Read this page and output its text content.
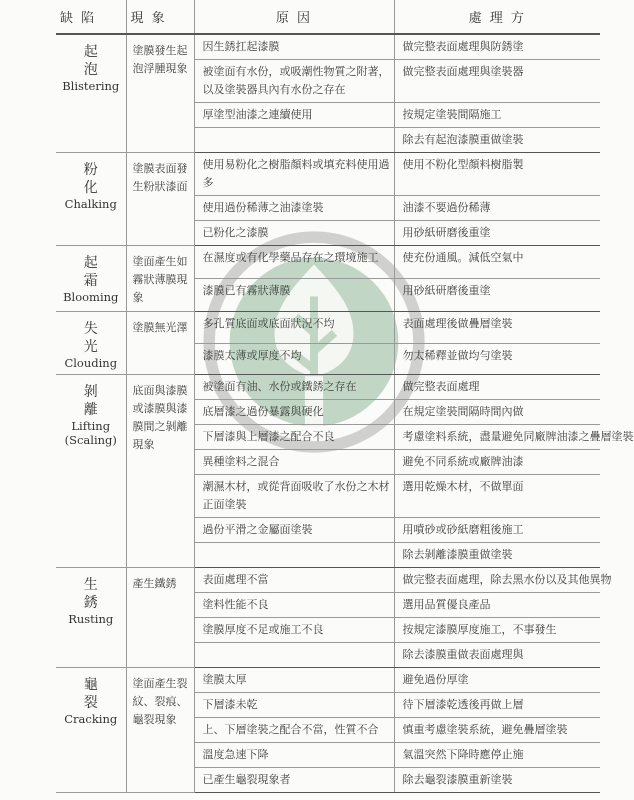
缺 陷	現 象	原 因	處 理 方

起 泡
Blistering	塗膜發生起泡浮腫現象	因生銹扛起漆膜	做完整表面處理與防銹塗
		被塗面有水份，或吸潮性物質之附著，以及塗裝器具內有水份之存在	做完整表面處理與塗裝器
		厚塗型油漆之連續使用	按規定塗裝間隔施工
			除去有起泡漆膜重做塗裝

粉 化
Chalking	塗膜表面發生粉狀漆面	使用易粉化之樹脂顏料或填充料使用過多	使用不粉化型顏料樹脂製
		使用過份稀薄之油漆塗裝	油漆不要過份稀薄
		已粉化之漆膜	用砂紙研磨後重塗

起 霜
Blooming	塗面產生如霧狀薄膜現象	在濕度或有化學藥品存在之環境施工	使充份通風。減低空氣中
		漆膜已有霧狀薄膜	用砂紙研磨後重塗

失 光
Clouding	塗膜無光澤	多孔質底面或底面狀況不均	表面處理後做疊層塗裝
		漆膜太薄或厚度不均	勿太稀釋並做均勻塗裝

剝 離
Lifting (Scaling)	底面與漆膜或漆膜與漆膜間之剝離現象	被塗面有油、水份或鐵銹之存在	做完整表面處理
		底層漆之過份暴露與硬化	在規定塗裝間隔時間內做
		下層漆與上層漆之配合不良	考慮塗料系統，盡量避免同廠牌油漆之疊層塗裝
		異種塗料之混合	避免不同系統或廠牌油漆
		潮濕木材，或從背面吸收了水份之木材正面塗裝	選用乾燥木材，不做單面
		過份平滑之金屬面塗裝	用噴砂或砂紙磨粗後施工
			除去剝離漆膜重做塗裝

生 銹
Rusting	產生鐵銹	表面處理不當	做完整表面處理，除去黑水份以及其他異物
		塗料性能不良	選用品質優良產品
		塗膜厚度不足或施工不良	按規定漆膜厚度施工，不事發生
			除去漆膜重做表面處理與

龜 裂
Cracking	塗面產生裂紋、裂痕、龜裂現象	塗膜太厚	避免過份厚塗
		下層漆未乾	待下層漆乾透後再做上層
		上、下層塗裝之配合不當，性質不合	慎重考慮塗裝系統，避免疊層塗裝
		溫度急速下降	氣溫突然下降時應停止施
		已產生龜裂現象者	除去龜裂漆膜重新塗裝
